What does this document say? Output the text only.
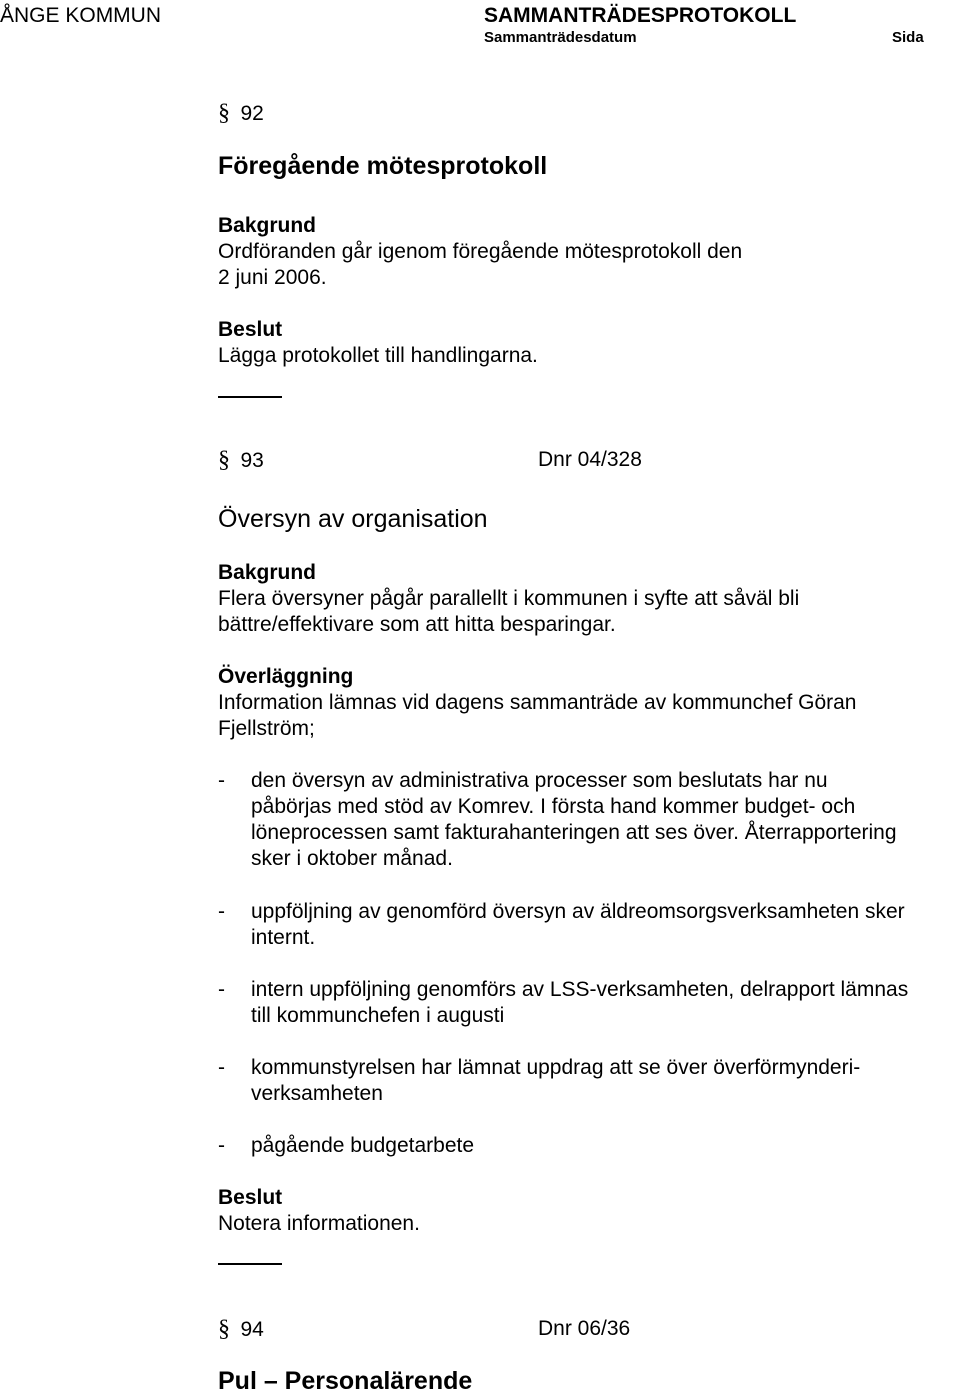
ÅNGE KOMMUN	SAMMANTRÄDESPROTOKOLL
Sammanträdesdatum	Sida
§ 92
Föregående mötesprotokoll
Bakgrund
Ordföranden går igenom föregående mötesprotokoll den
2 juni 2006.
Beslut
Lägga protokollet till handlingarna.
§ 93	Dnr 04/328
Översyn av organisation
Bakgrund
Flera översyner pågår parallellt i kommunen i syfte att såväl bli
bättre/effektivare som att hitta besparingar.
Överläggning
Information lämnas vid dagens sammanträde av kommunchef Göran
Fjellström;
- den översyn av administrativa processer som beslutats har nu
påbörjas med stöd av Komrev. I första hand kommer budget- och
löneprocessen samt fakturahanteringen att ses över. Återrapportering
sker i oktober månad.
- uppföljning av genomförd översyn av äldreomsorgsverksamheten sker
internt.
- intern uppföljning genomförs av LSS-verksamheten, delrapport lämnas
till kommunchefen i augusti
- kommunstyrelsen har lämnat uppdrag att se över överförmynderi-
verksamheten
- pågående budgetarbete
Beslut
Notera informationen.
§ 94	Dnr 06/36
Pul – Personalärende
